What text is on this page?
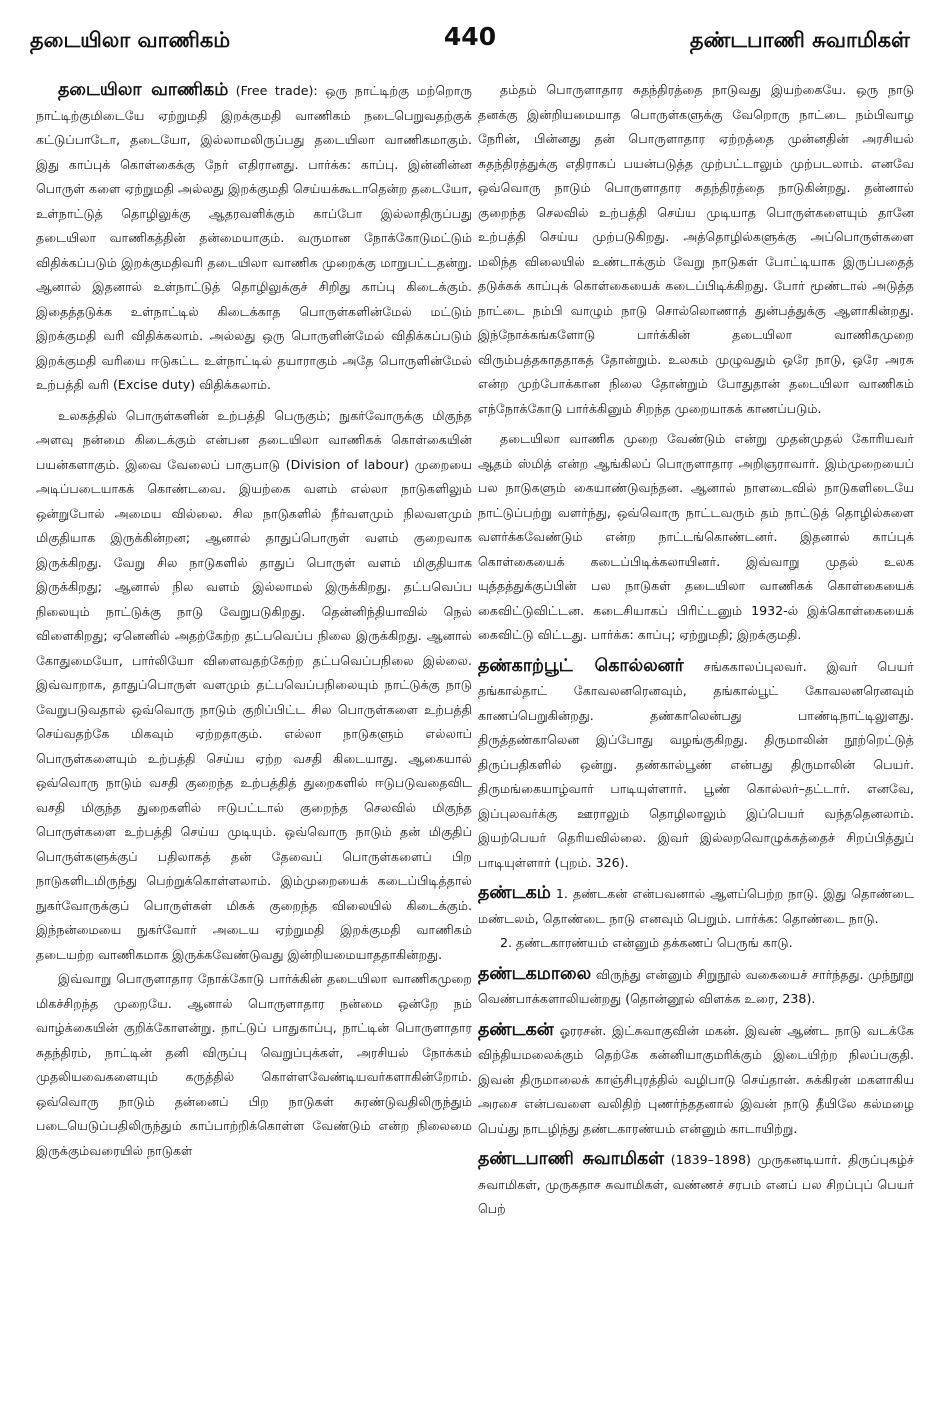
தடையிலா வாணிகம்	440	தண்டபாணி சுவாமிகள்

தடையிலா வாணிகம் (Free trade): ஒரு நாட்டிற்கு மற்றொரு நாட்டிற்குமிடையே ஏற்றுமதி இறக்குமதி வாணிகம் நடைபெறுவதற்குக் கட்டுப்பாடோ, தடையோ, இல்லாமலிருப்பது தடையிலா வாணிகமாகும். இது காப்புக் கொள்கைக்கு நேர் எதிரானது. பார்க்க: காப்பு. இன்னின்ன பொருள் களை ஏற்றுமதி அல்லது இறக்குமதி செய்யக்கூடாதென்ற தடையோ, உள்நாட்டுத் தொழிலுக்கு ஆதரவளிக்கும் காப்போ இல்லாதிருப்பது தடையிலா வாணிகத்தின் தன்மையாகும். வருமான நோக்கோடுமட்டும் விதிக்கப்படும் இறக்குமதிவரி தடையிலா வாணிக முறைக்கு மாறுபட்டதன்று. ஆனால் இதனால் உள்நாட்டுத் தொழிலுக்குச் சிறிது காப்பு கிடைக்கும். இதைத்தடுக்க உள்நாட்டில் கிடைக்காத பொருள்களின்மேல் மட்டும் இறக்குமதி வரி விதிக்கலாம். அல்லது ஒரு பொருளின்மேல் விதிக்கப்படும் இறக்குமதி வரியை ஈடுகட்ட உள்நாட்டில் தயாராகும் அதே பொருளின்மேல் உற்பத்தி வரி (Excise duty) விதிக்கலாம்.

உலகத்தில் பொருள்களின் உற்பத்தி பெருகும்; நுகர்வோருக்கு மிகுந்த அளவு நன்மை கிடைக்கும் என்பன தடையிலா வாணிகக் கொள்கையின் பயன்களாகும். இவை வேலைப் பாகுபாடு (Division of labour) முறையை அடிப்படையாகக் கொண்டவை. இயற்கை வளம் எல்லா நாடுகளிலும் ஒன்றுபோல் அமைய வில்லை. சில நாடுகளில் நீர்வளமும் நிலவளமும் மிகுதியாக இருக்கின்றன; ஆனால் தாதுப்பொருள் வளம் குறைவாக இருக்கிறது. வேறு சில நாடுகளில் தாதுப் பொருள் வளம் மிகுதியாக இருக்கிறது; ஆனால் நில வளம் இல்லாமல் இருக்கிறது. தட்பவெப்ப நிலையும் நாட்டுக்கு நாடு வேறுபடுகிறது. தென்னிந்தியாவில் நெல் விளைகிறது; ஏனெனில் அதற்கேற்ற தட்பவெப்ப நிலை இருக்கிறது. ஆனால் கோதுமையோ, பார்லியோ விளைவதற்கேற்ற தட்பவெப்பநிலை இல்லை. இவ்வாறாக, தாதுப்பொருள் வளமும் தட்பவெப்பநிலையும் நாட்டுக்கு நாடு வேறுபடுவதால் ஒவ்வொரு நாடும் குறிப்பிட்ட சில பொருள்களை உற்பத்தி செய்வதற்கே மிகவும் ஏற்றதாகும். எல்லா நாடுகளும் எல்லாப் பொருள்களையும் உற்பத்தி செய்ய ஏற்ற வசதி கிடையாது. ஆகையால் ஒவ்வொரு நாடும் வசதி குறைந்த உற்பத்தித் துறைகளில் ஈடுபடுவதைவிட வசதி மிகுந்த துறைகளில் ஈடுபட்டால் குறைந்த செலவில் மிகுந்த பொருள்களை உற்பத்தி செய்ய முடியும். ஒவ்வொரு நாடும் தன் மிகுதிப் பொருள்களுக்குப் பதிலாகத் தன் தேவைப் பொருள்களைப் பிற நாடுகளிடமிருந்து பெற்றுக்கொள்ளலாம். இம்முறையைக் கடைப்பிடித்தால் நுகர்வோருக்குப் பொருள்கள் மிகக் குறைந்த விலையில் கிடைக்கும். இந்நன்மையை நுகர்வோர் அடைய ஏற்றுமதி இறக்குமதி வாணிகம் தடையற்ற வாணிகமாக இருக்கவேண்டுவது இன்றியமையாததாகின்றது.

இவ்வாறு பொருளாதார நோக்கோடு பார்க்கின் தடையிலா வாணிகமுறை மிகச்சிறந்த முறையே. ஆனால் பொருளாதார நன்மை ஒன்றே நம் வாழ்க்கையின் குறிக்கோளன்று. நாட்டுப் பாதுகாப்பு, நாட்டின் பொருளாதார சுதந்திரம், நாட்டின் தனி விருப்பு வெறுப்புக்கள், அரசியல் நோக்கம் முதலியவைகளையும் கருத்தில் கொள்ளவேண்டியவர்களாகின்றோம். ஒவ்வொரு நாடும் தன்னைப் பிற நாடுகள் சுரண்டுவதிலிருந்தும் படையெடுப்பதிலிருந்தும் காப்பாற்றிக்கொள்ள வேண்டும் என்ற நிலைமை இருக்கும்வரையில் நாடுகள்

தம்தம் பொருளாதார சுதந்திரத்தை நாடுவது இயற்கையே. ஒரு நாடு தனக்கு இன்றியமையாத பொருள்களுக்கு வேறொரு நாட்டை நம்பிவாழ நேரின், பின்னது தன் பொருளாதார ஏற்றத்தை முன்னதின் அரசியல் சுதந்திரத்துக்கு எதிராகப் பயன்படுத்த முற்பட்டாலும் முற்படலாம். எனவே ஒவ்வொரு நாடும் பொருளாதார சுதந்திரத்தை நாடுகின்றது. தன்னால் குறைந்த செலவில் உற்பத்தி செய்ய முடியாத பொருள்களையும் தானே உற்பத்தி செய்ய முற்படுகிறது. அத்தொழில்களுக்கு அப்பொருள்களை மலிந்த விலையில் உண்டாக்கும் வேறு நாடுகள் போட்டியாக இருப்பதைத் தடுக்கக் காப்புக் கொள்கையைக் கடைப்பிடிக்கிறது. போர் மூண்டால் அடுத்த நாட்டை நம்பி வாழும் நாடு சொல்லொணாத் துன்பத்துக்கு ஆளாகின்றது. இந்நோக்கங்களோடு பார்க்கின் தடையிலா வாணிகமுறை விரும்பத்தகாததாகத் தோன்றும். உலகம் முழுவதும் ஒரே நாடு, ஒரே அரசு என்ற முற்போக்கான நிலை தோன்றும் போதுதான் தடையிலா வாணிகம் எந்நோக்கோடு பார்க்கினும் சிறந்த முறையாகக் காணப்படும்.

தடையிலா வாணிக முறை வேண்டும் என்று முதன்முதல் கோரியவர் ஆதம் ஸ்மித் என்ற ஆங்கிலப் பொருளாதார அறிஞராவார். இம்முறையைப் பல நாடுகளும் கையாண்டுவந்தன. ஆனால் நாளடைவில் நாடுகளிடையே நாட்டுப்பற்று வளர்ந்து, ஒவ்வொரு நாட்டவரும் தம் நாட்டுத் தொழில்களை வளர்க்கவேண்டும் என்ற நாட்டங்கொண்டனர். இதனால் காப்புக் கொள்கையைக் கடைப்பிடிக்கலாயினர். இவ்வாறு முதல் உலக யுத்தத்துக்குப்பின் பல நாடுகள் தடையிலா வாணிகக் கொள்கையைக் கைவிட்டுவிட்டன. கடைசியாகப் பிரிட்டனும் 1932-ல் இக்கொள்கையைக் கைவிட்டு விட்டது. பார்க்க: காப்பு; ஏற்றுமதி; இறக்குமதி.

தண்காற்பூட் கொல்லனர் சங்ககாலப்புலவர். இவர் பெயர் தங்கால்தாட் கோவலனரெனவும், தங்கால்பூட் கோவலனரெனவும் காணப்பெறுகின்றது. தண்காலென்பது பாண்டிநாட்டிலுளது. திருத்தண்காலென இப்போது வழங்குகிறது. திருமாலின் நூற்றெட்டுத் திருப்பதிகளில் ஒன்று. தண்கால்பூண் என்பது திருமாலின் பெயர். திருமங்கையாழ்வார் பாடியுள்ளார். பூண் கொல்லர்–தட்டார். எனவே, இப்புலவர்க்கு ஊராலும் தொழிலாலும் இப்பெயர் வந்ததெனலாம். இயற்பெயர் தெரியவில்லை. இவர் இல்லறவொழுக்கத்தைச் சிறப்பித்துப் பாடியுள்ளார் (புறம். 326).

தண்டகம் 1. தண்டகன் என்பவனால் ஆளப்பெற்ற நாடு. இது தொண்டை மண்டலம், தொண்டை நாடு எனவும் பெறும். பார்க்க: தொண்டை நாடு.

2. தண்டகாரண்யம் என்னும் தக்கணப் பெருங் காடு.

தண்டகமாலை விருந்து என்னும் சிறுநூல் வகையைச் சார்ந்தது. முந்நூறு வெண்பாக்களாலியன்றது (தொன்னூல் விளக்க உரை, 238).

தண்டகன் ஓரரசன். இட்சுவாகுவின் மகன். இவன் ஆண்ட நாடு வடக்கே விந்தியமலைக்கும் தெற்கே கன்னியாகுமரிக்கும் இடையிற்ற நிலப்பகுதி. இவன் திருமாலைக் காஞ்சிபுரத்தில் வழிபாடு செய்தான். சுக்கிரன் மகளாகிய அரசை என்பவளை வலிதிற் புணர்ந்ததனால் இவன் நாடு தீயிலே கல்மழை பெய்து நாடழிந்து தண்டகாரண்யம் என்னும் காடாயிற்று.

தண்டபாணி சுவாமிகள் (1839–1898) முருகனடியார். திருப்புகழ்ச் சுவாமிகள், முருகதாச சுவாமிகள், வண்ணச் சரபம் எனப் பல சிறப்புப் பெயர் பெற்
